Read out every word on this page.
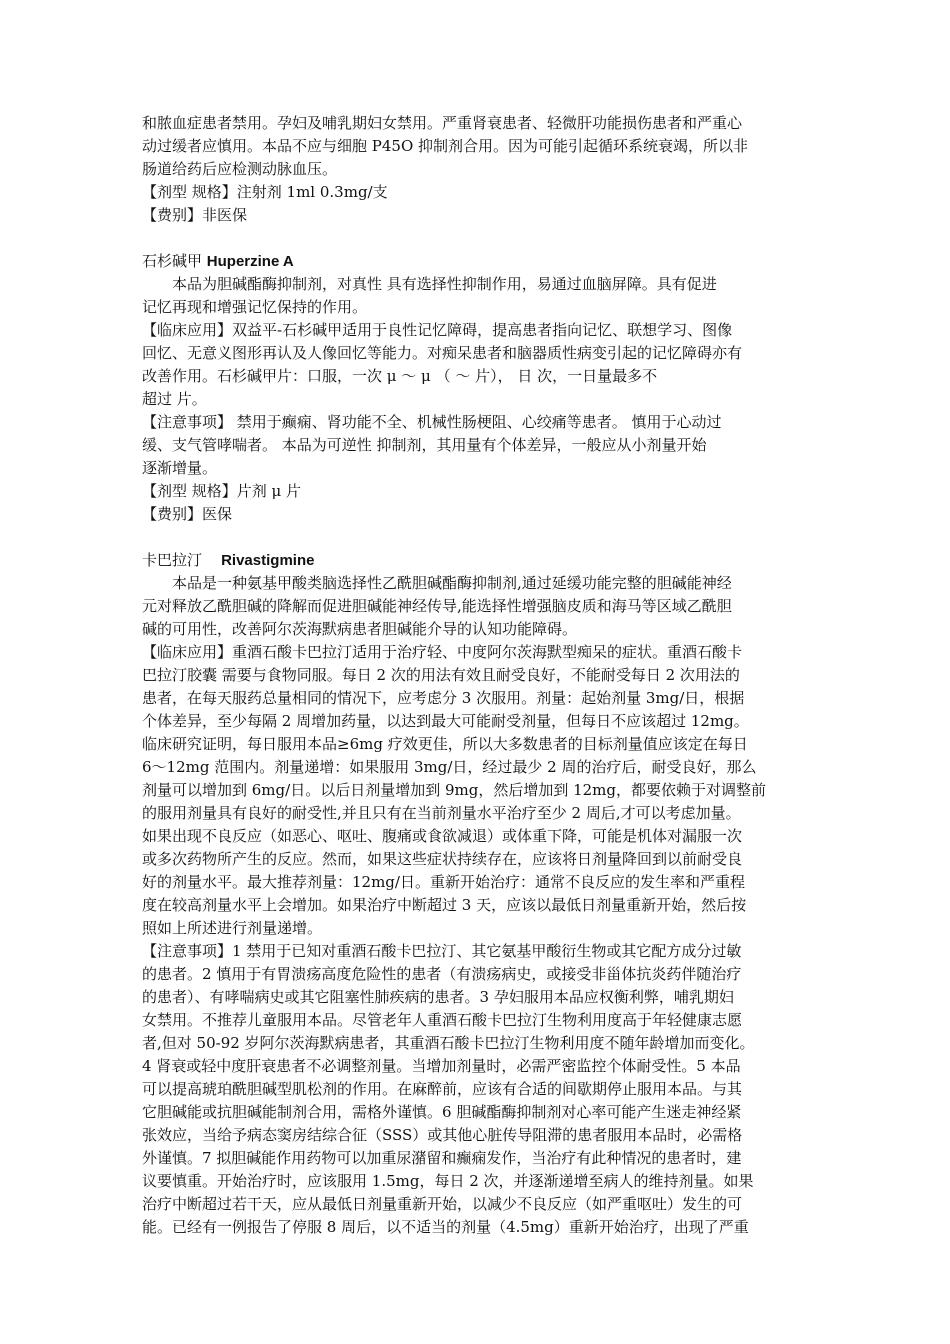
和脓血症患者禁用。孕妇及哺乳期妇女禁用。严重肾衰患者、轻微肝功能损伤患者和严重心
动过缓者应慎用。本品不应与细胞 P45O 抑制剂合用。因为可能引起循环系统衰竭，所以非
肠道给药后应检测动脉血压。
【剂型 规格】注射剂 1ml 0.3mg/支
【费别】非医保
石杉碱甲 Huperzine A
本品为胆碱酯酶抑制剂，对真性 具有选择性抑制作用，易通过血脑屏障。具有促进
记忆再现和增强记忆保持的作用。
【临床应用】双益平-石杉碱甲适用于良性记忆障碍，提高患者指向记忆、联想学习、图像
回忆、无意义图形再认及人像回忆等能力。对痴呆患者和脑器质性病变引起的记忆障碍亦有
改善作用。石杉碱甲片：口服，一次 μ ～ μ （ ～ 片）， 日 次，一日量最多不
超过 片。
【注意事项】 禁用于癫痫、肾功能不全、机械性肠梗阻、心绞痛等患者。 慎用于心动过
缓、支气管哮喘者。 本品为可逆性 抑制剂，其用量有个体差异，一般应从小剂量开始
逐渐增量。
【剂型 规格】片剂 μ 片
【费别】医保
卡巴拉汀 Rivastigmine
本品是一种氨基甲酸类脑选择性乙酰胆碱酯酶抑制剂,通过延缓功能完整的胆碱能神经
元对释放乙酰胆碱的降解而促进胆碱能神经传导,能选择性增强脑皮质和海马等区域乙酰胆
碱的可用性，改善阿尔茨海默病患者胆碱能介导的认知功能障碍。
【临床应用】重酒石酸卡巴拉汀适用于治疗轻、中度阿尔茨海默型痴呆的症状。重酒石酸卡
巴拉汀胶囊 需要与食物同服。每日 2 次的用法有效且耐受良好，不能耐受每日 2 次用法的
患者，在每天服药总量相同的情况下，应考虑分 3 次服用。剂量：起始剂量 3mg/日，根据
个体差异，至少每隔 2 周增加药量，以达到最大可能耐受剂量，但每日不应该超过 12mg。
临床研究证明，每日服用本品≥6mg 疗效更佳，所以大多数患者的目标剂量值应该定在每日
6～12mg 范围内。剂量递增：如果服用 3mg/日，经过最少 2 周的治疗后，耐受良好，那么
剂量可以增加到 6mg/日。以后日剂量增加到 9mg，然后增加到 12mg，都要依赖于对调整前
的服用剂量具有良好的耐受性,并且只有在当前剂量水平治疗至少 2 周后,才可以考虑加量。
如果出现不良反应（如恶心、呕吐、腹痛或食欲减退）或体重下降，可能是机体对漏服一次
或多次药物所产生的反应。然而，如果这些症状持续存在，应该将日剂量降回到以前耐受良
好的剂量水平。最大推荐剂量：12mg/日。重新开始治疗：通常不良反应的发生率和严重程
度在较高剂量水平上会增加。如果治疗中断超过 3 天，应该以最低日剂量重新开始，然后按
照如上所述进行剂量递增。
【注意事项】1 禁用于已知对重酒石酸卡巴拉汀、其它氨基甲酸衍生物或其它配方成分过敏
的患者。2 慎用于有胃溃疡高度危险性的患者（有溃疡病史，或接受非甾体抗炎药伴随治疗
的患者）、有哮喘病史或其它阻塞性肺疾病的患者。3 孕妇服用本品应权衡利弊，哺乳期妇
女禁用。不推荐儿童服用本品。尽管老年人重酒石酸卡巴拉汀生物利用度高于年轻健康志愿
者,但对 50-92 岁阿尔茨海默病患者，其重酒石酸卡巴拉汀生物利用度不随年龄增加而变化。
4 肾衰或轻中度肝衰患者不必调整剂量。当增加剂量时，必需严密监控个体耐受性。5 本品
可以提高琥珀酰胆碱型肌松剂的作用。在麻醉前，应该有合适的间歇期停止服用本品。与其
它胆碱能或抗胆碱能制剂合用，需格外谨慎。6 胆碱酯酶抑制剂对心率可能产生迷走神经紧
张效应，当给予病态窦房结综合征（SSS）或其他心脏传导阻滞的患者服用本品时，必需格
外谨慎。7 拟胆碱能作用药物可以加重尿潴留和癫痫发作，当治疗有此种情况的患者时，建
议要慎重。开始治疗时，应该服用 1.5mg，每日 2 次，并逐渐递增至病人的维持剂量。如果
治疗中断超过若干天，应从最低日剂量重新开始，以减少不良反应（如严重呕吐）发生的可
能。已经有一例报告了停服 8 周后，以不适当的剂量（4.5mg）重新开始治疗，出现了严重
